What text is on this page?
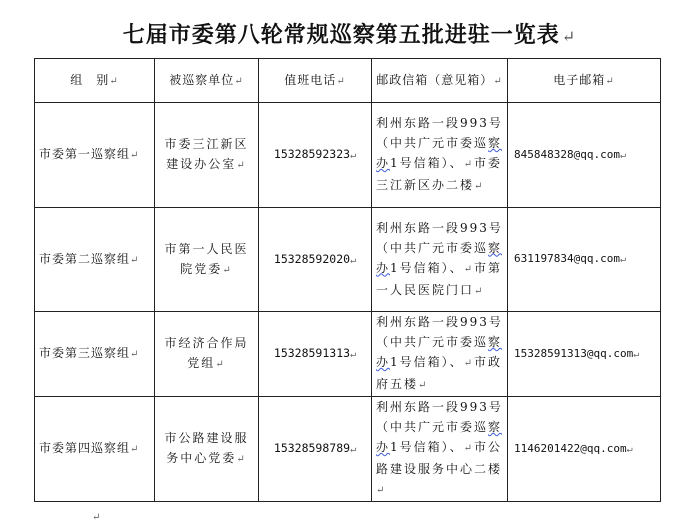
七届市委第八轮常规巡察第五批进驻一览表 ↵
组　别↵	被巡察单位↵	值班电话↵	邮政信箱（意见箱）↵	电子邮箱↵
市委第一巡察组↵	市委三江新区建设办公室↵	15328592323↵	利州东路一段993号（中共广元市委巡察办1号信箱）、↵市委三江新区办二楼↵	845848328@qq.com↵
市委第二巡察组↵	市第一人民医院党委↵	15328592020↵	利州东路一段993号（中共广元市委巡察办1号信箱）、↵市第一人民医院门口↵	631197834@qq.com↵
市委第三巡察组↵	市经济合作局党组↵	15328591313↵	利州东路一段993号（中共广元市委巡察办1号信箱）、↵市政府五楼↵	15328591313@qq.com↵
市委第四巡察组↵	市公路建设服务中心党委↵	15328598789↵	利州东路一段993号（中共广元市委巡察办1号信箱）、↵市公路建设服务中心二楼↵	1146201422@qq.com↵
↵
